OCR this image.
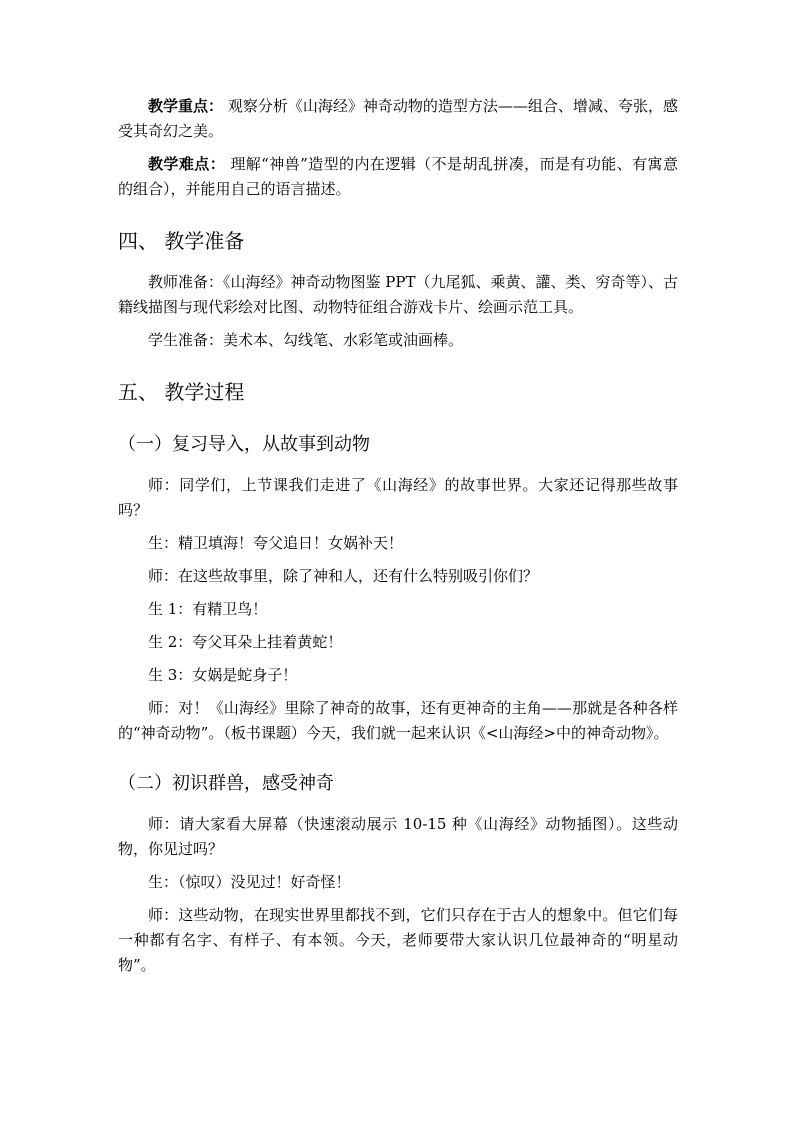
教学重点： 观察分析《山海经》神奇动物的造型方法——组合、增减、夸张，感受其奇幻之美。

教学难点： 理解“神兽”造型的内在逻辑（不是胡乱拼凑，而是有功能、有寓意的组合），并能用自己的语言描述。

四、 教学准备

教师准备：《山海经》神奇动物图鉴 PPT（九尾狐、乘黄、讙、类、穷奇等）、古籍线描图与现代彩绘对比图、动物特征组合游戏卡片、绘画示范工具。

学生准备：美术本、勾线笔、水彩笔或油画棒。

五、 教学过程
（一）复习导入，从故事到动物

师：同学们，上节课我们走进了《山海经》的故事世界。大家还记得那些故事吗？

生：精卫填海！夸父追日！女娲补天！

师：在这些故事里，除了神和人，还有什么特别吸引你们？

生 1：有精卫鸟！

生 2：夸父耳朵上挂着黄蛇！

生 3：女娲是蛇身子！

师：对！《山海经》里除了神奇的故事，还有更神奇的主角——那就是各种各样的“神奇动物”。（板书课题）今天，我们就一起来认识《<山海经>中的神奇动物》。

（二）初识群兽，感受神奇

师：请大家看大屏幕（快速滚动展示 10-15 种《山海经》动物插图）。这些动物，你见过吗？

生：（惊叹）没见过！好奇怪！

师：这些动物，在现实世界里都找不到，它们只存在于古人的想象中。但它们每一种都有名字、有样子、有本领。今天，老师要带大家认识几位最神奇的“明星动物”。
